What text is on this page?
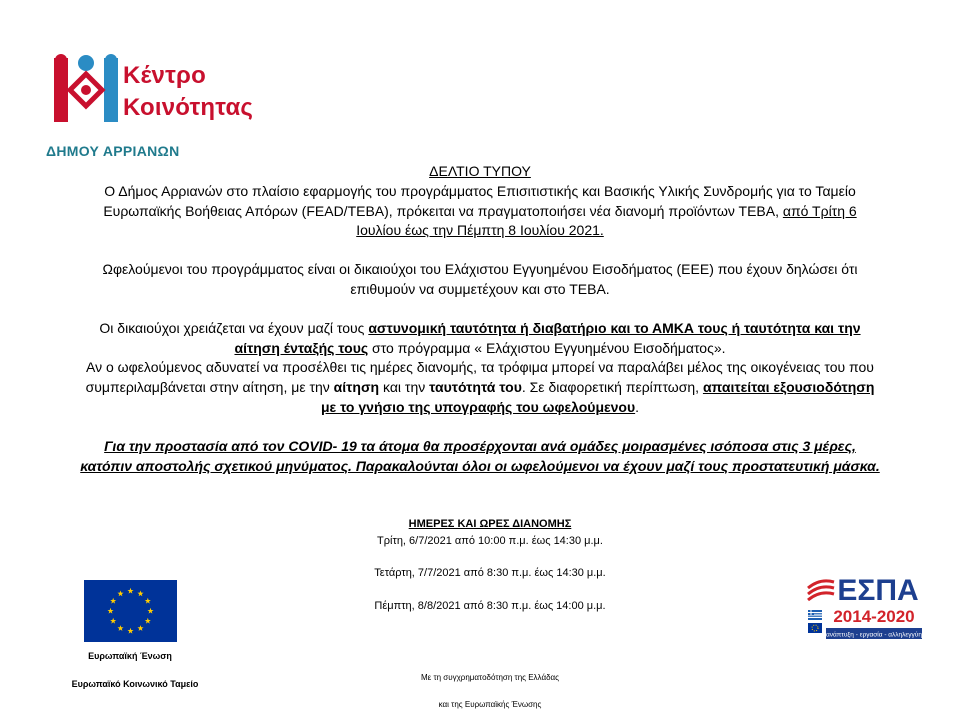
Κέντρο
Κοινότητας
ΔΗΜΟΥ ΑΡΡΙΑΝΩΝ

ΔΕΛΤΙΟ ΤΥΠΟΥ

Ο Δήμος Αρριανών στο πλαίσιο εφαρμογής του προγράμματος Επισιτιστικής και Βασικής Υλικής Συνδρομής για το Ταμείο Ευρωπαϊκής Βοήθειας Απόρων (FEAD/ΤΕΒΑ), πρόκειται να πραγματοποιήσει νέα διανομή προϊόντων ΤΕΒΑ, από Τρίτη 6 Ιουλίου έως την Πέμπτη 8 Ιουλίου 2021.

Ωφελούμενοι του προγράμματος είναι οι δικαιούχοι του Ελάχιστου Εγγυημένου Εισοδήματος (ΕΕΕ) που έχουν δηλώσει ότι επιθυμούν να συμμετέχουν και στο ΤΕΒΑ.

Οι δικαιούχοι χρειάζεται να έχουν μαζί τους αστυνομική ταυτότητα ή διαβατήριο και το ΑΜΚΑ τους ή ταυτότητα και την αίτηση ένταξής τους στο πρόγραμμα « Ελάχιστου Εγγυημένου Εισοδήματος».

Αν ο ωφελούμενος αδυνατεί να προσέλθει τις ημέρες διανομής, τα τρόφιμα μπορεί να παραλάβει μέλος της οικογένειας του που συμπεριλαμβάνεται στην αίτηση, με την αίτηση και την ταυτότητά του. Σε διαφορετική περίπτωση, απαιτείται εξουσιοδότηση με το γνήσιο της υπογραφής του ωφελούμενου.

Για την προστασία από τον COVID- 19 τα άτομα θα προσέρχονται ανά ομάδες μοιρασμένες ισόποσα στις 3 μέρες, κατόπιν αποστολής σχετικού μηνύματος. Παρακαλούνται όλοι οι ωφελούμενοι να έχουν μαζί τους προστατευτική μάσκα.

ΗΜΕΡΕΣ ΚΑΙ ΩΡΕΣ ΔΙΑΝΟΜΗΣ

Τρίτη, 6/7/2021 από 10:00 π.μ. έως 14:30 μ.μ.

Τετάρτη, 7/7/2021 από 8:30 π.μ. έως 14:30 μ.μ.

Πέμπτη, 8/8/2021 από 8:30 π.μ. έως 14:00 μ.μ.

Με τη συγχρηματοδότηση της Ελλάδας

και της Ευρωπαϊκής Ένωσης

Ευρωπαϊκή Ένωση
Ευρωπαϊκό Κοινωνικό Ταμείο
ΕΣΠΑ
2014-2020
ανάπτυξη - εργασία - αλληλεγγύη
